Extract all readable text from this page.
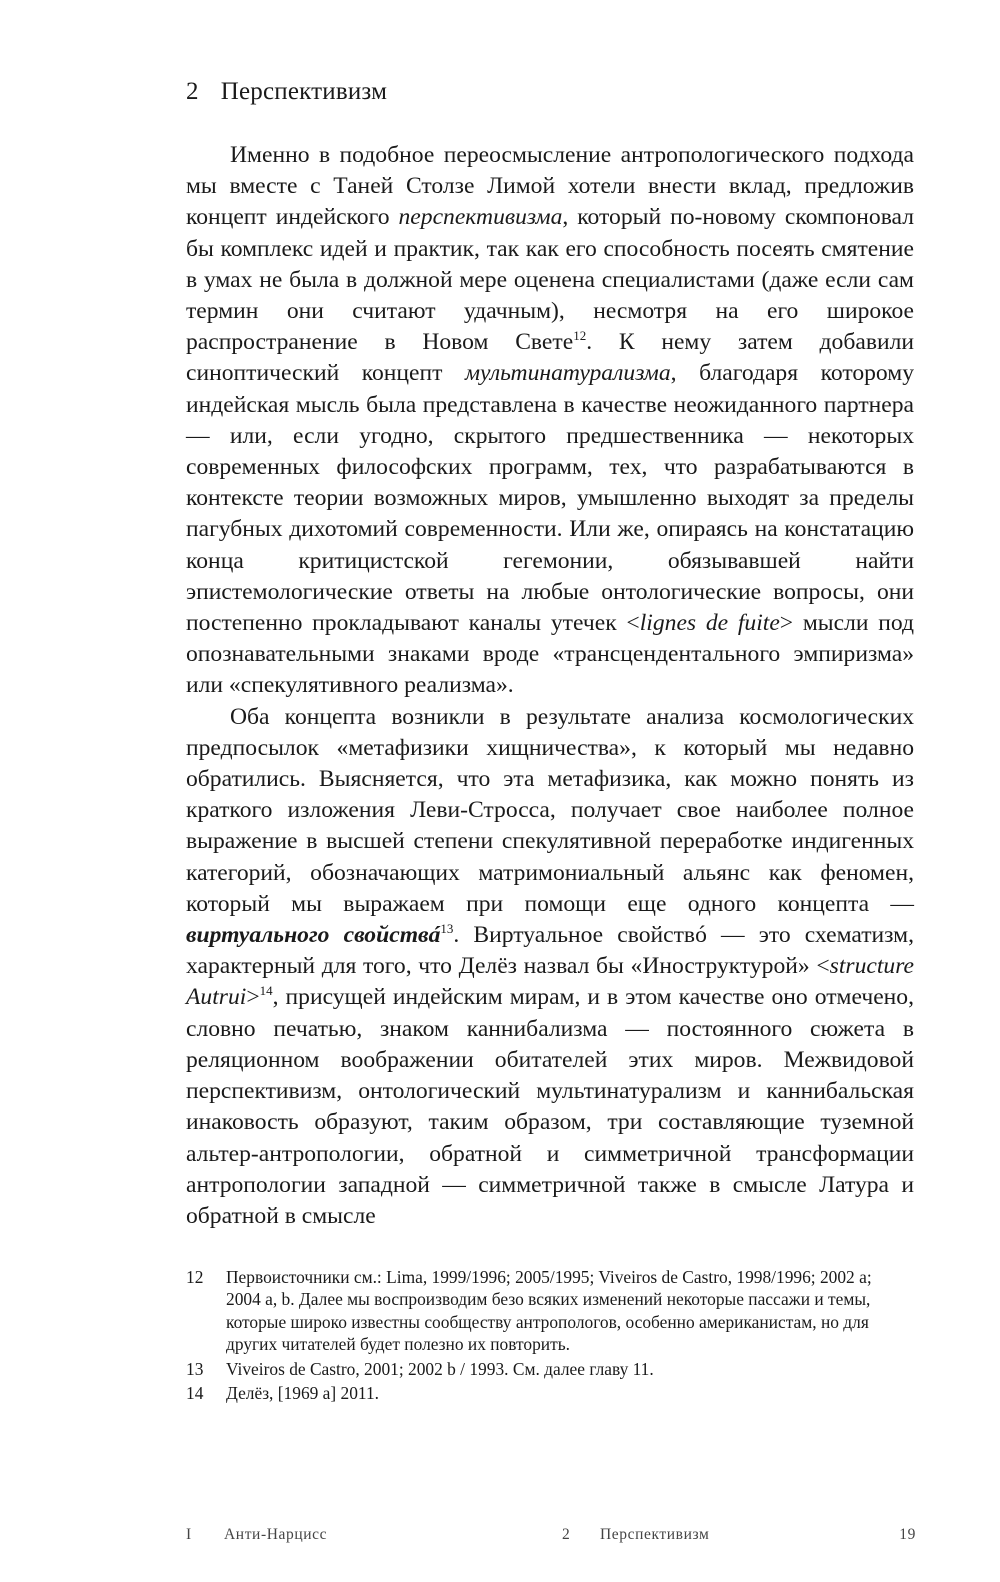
2 Перспективизм

Именно в подобное переосмысление антропологического подхода мы вместе с Таней Столзе Лимой хотели внести вклад, предложив концепт индейского перспективизма, который по-новому скомпоновал бы комплекс идей и практик, так как его способность посеять смятение в умах не была в должной мере оценена специалистами (даже если сам термин они считают удачным), несмотря на его широкое распространение в Новом Свете$^{12}$. К нему затем добавили синоптический концепт мультинатурализма, благодаря которому индейская мысль была представлена в качестве неожиданного партнера — или, если угодно, скрытого предшественника — некоторых современных философских программ, тех, что разрабатываются в контексте теории возможных миров, умышленно выходят за пределы пагубных дихотомий современности. Или же, опираясь на констатацию конца критицистской гегемонии, обязывавшей найти эпистемологические ответы на любые онтологические вопросы, они постепенно прокладывают каналы утечек <lignes de fuite> мысли под опознавательными знаками вроде «трансцендентального эмпиризма» или «спекулятивного реализма».

Оба концепта возникли в результате анализа космологических предпосылок «метафизики хищничества», к который мы недавно обратились. Выясняется, что эта метафизика, как можно понять из краткого изложения Леви-Стросса, получает свое наиболее полное выражение в высшей степени спекулятивной переработке индигенных категорий, обозначающих матримониальный альянс как феномен, который мы выражаем при помощи еще одного концепта — виртуального свойствá$^{13}$. Виртуальное свойствó — это схематизм, характерный для того, что Делёз назвал бы «Иноструктурой» <structure Autrui>$^{14}$, присущей индейским мирам, и в этом качестве оно отмечено, словно печатью, знаком каннибализма — постоянного сюжета в реляционном воображении обитателей этих миров. Межвидовой перспективизм, онтологический мультинатурализм и каннибальская инаковость образуют, таким образом, три составляющие туземной альтер-антропологии, обратной и симметричной трансформации антропологии западной — симметричной также в смысле Латура и обратной в смысле

12	Первоисточники см.: Lima, 1999/1996; 2005/1995; Viveiros de Castro, 1998/1996; 2002 a; 2004 a, b. Далее мы воспроизводим безо всяких изменений некоторые пассажи и темы, которые широко известны сообществу антропологов, особенно американистам, но для других читателей будет полезно их повторить.
13	Viveiros de Castro, 2001; 2002 b / 1993. См. далее главу 11.
14	Делёз, [1969 a] 2011.
I Анти-Нарцисс	2 Перспективизм	19
